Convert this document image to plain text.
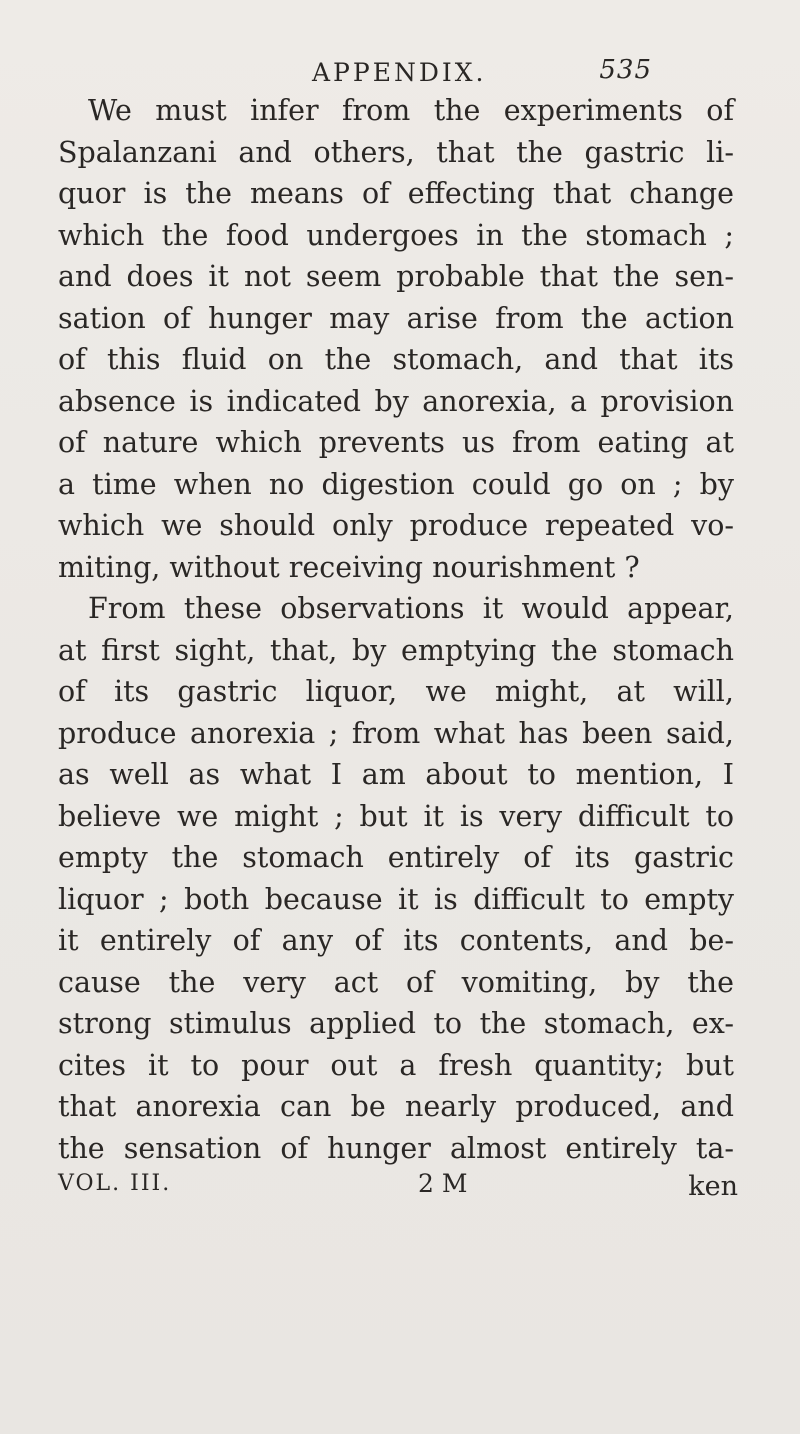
APPENDIX.	535
We must infer from the experiments of
Spalanzani and others, that the gastric li-
quor is the means of effecting that change
which the food undergoes in the stomach ;
and does it not seem probable that the sen-
sation of hunger may arise from the action
of this fluid on the stomach, and that its
absence is indicated by anorexia, a provision
of nature which prevents us from eating at
a time when no digestion could go on ; by
which we should only produce repeated vo-
miting, without receiving nourishment ?
From these observations it would appear,
at first sight, that, by emptying the stomach
of its gastric liquor, we might, at will,
produce anorexia ; from what has been said,
as well as what I am about to mention, I
believe we might ; but it is very difficult to
empty the stomach entirely of its gastric
liquor ; both because it is difficult to empty
it entirely of any of its contents, and be-
cause the very act of vomiting, by the
strong stimulus applied to the stomach, ex-
cites it to pour out a fresh quantity; but
that anorexia can be nearly produced, and
the sensation of hunger almost entirely ta-
VOL. III.	2 M	ken
